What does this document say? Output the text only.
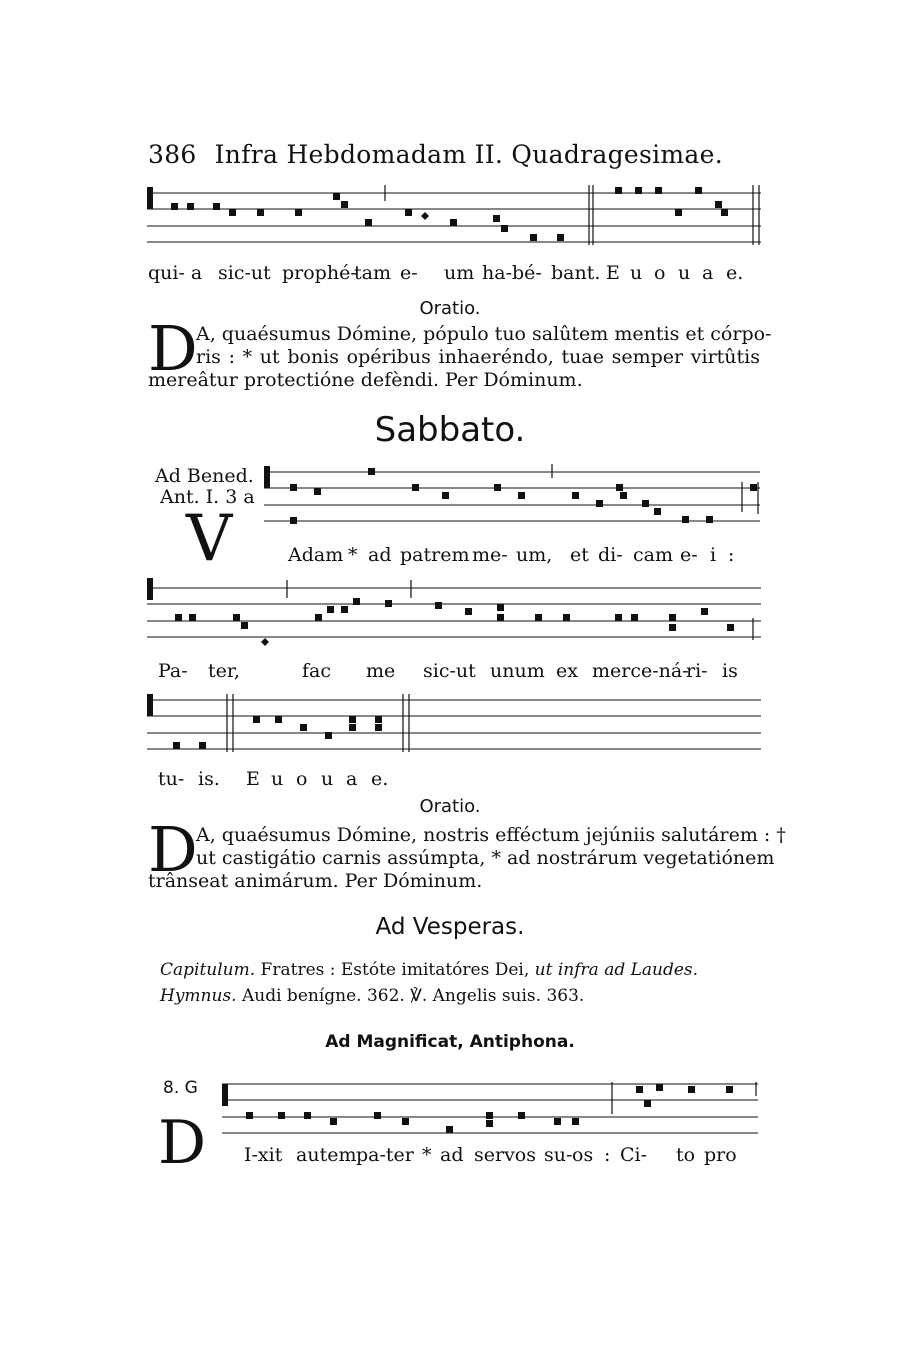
386 Infra Hebdomadam II. Quadragesimae.
qui- a sic-ut prophé-
tam e- um ha-bé- bant. E u o u a e.
Oratio.
D
A, quaésumus Dómine, pópulo tuo salûtem mentis et córpo-
ris : * ut bonis opéribus inhaeréndo, tuae semper virtûtis
mereâtur protectióne defèndi. Per Dóminum.
Sabbato.
Ad Bened.
Ant. I. 3 a
V	Adam * ad patrem me- um, et di- cam e- i :
Pa- ter,	fac me sic-ut unum ex merce-ná-
ri- is
tu- is. E u o u a e.
Oratio.
D
A, quaésumus Dómine, nostris efféctum jejúniis salutárem : †
ut castigátio carnis assúmpta, * ad nostrárum vegetatiónem
trânseat animárum. Per Dóminum.
Ad Vesperas.
Capitulum. Fratres : Estóte imitatóres Dei, ut infra ad Laudes.
Hymnus. Audi benígne. 362. ℣. Angelis suis. 363.
Ad Magnificat, Antiphona.
8. G
D I-xit autem pa-ter * ad servos su- os : Ci- to pro
